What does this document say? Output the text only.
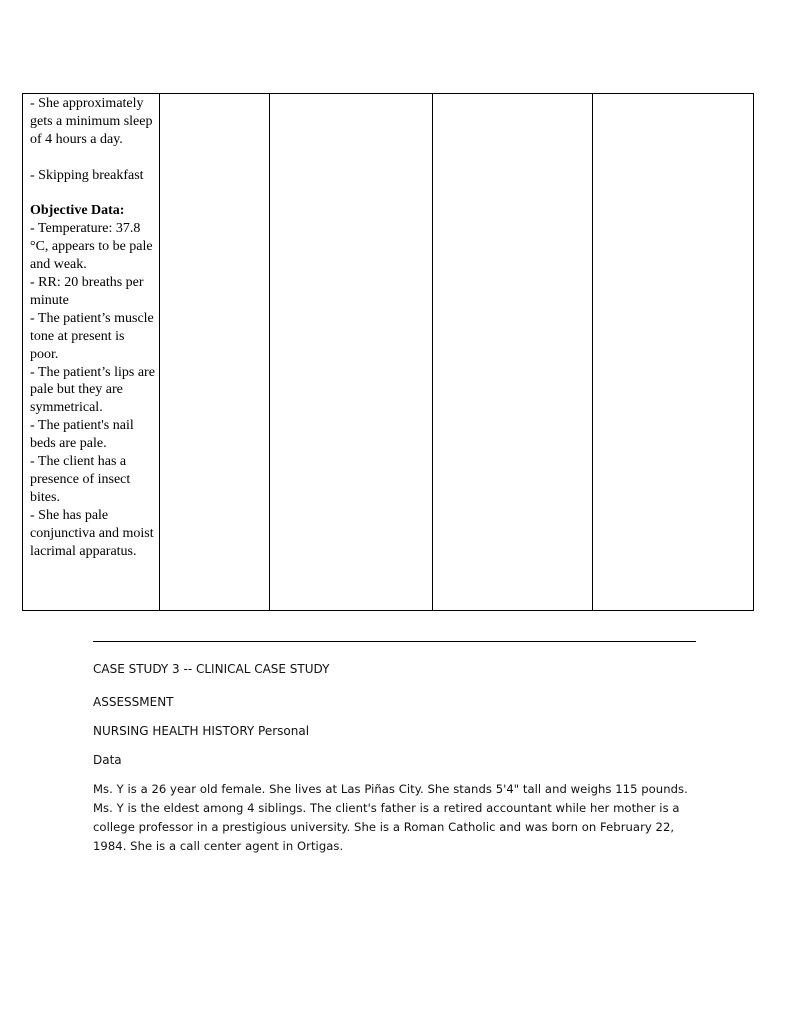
- She approximately gets a minimum sleep of 4 hours a day.

- Skipping breakfast

Objective Data:

- Temperature: 37.8 °C, appears to be pale and weak.

- RR: 20 breaths per minute

- The patient’s muscle tone at present is poor.

- The patient’s lips are pale but they are symmetrical.

- The patient's nail beds are pale.

- The client has a presence of insect bites.

- She has pale conjunctiva and moist lacrimal apparatus.

CASE STUDY 3 -- CLINICAL CASE STUDY

ASSESSMENT

NURSING HEALTH HISTORY Personal

Data

Ms. Y is a 26 year old female. She lives at Las Piñas City. She stands 5'4" tall and weighs 115 pounds. Ms. Y is the eldest among 4 siblings. The client's father is a retired accountant while her mother is a college professor in a prestigious university. She is a Roman Catholic and was born on February 22, 1984. She is a call center agent in Ortigas.
